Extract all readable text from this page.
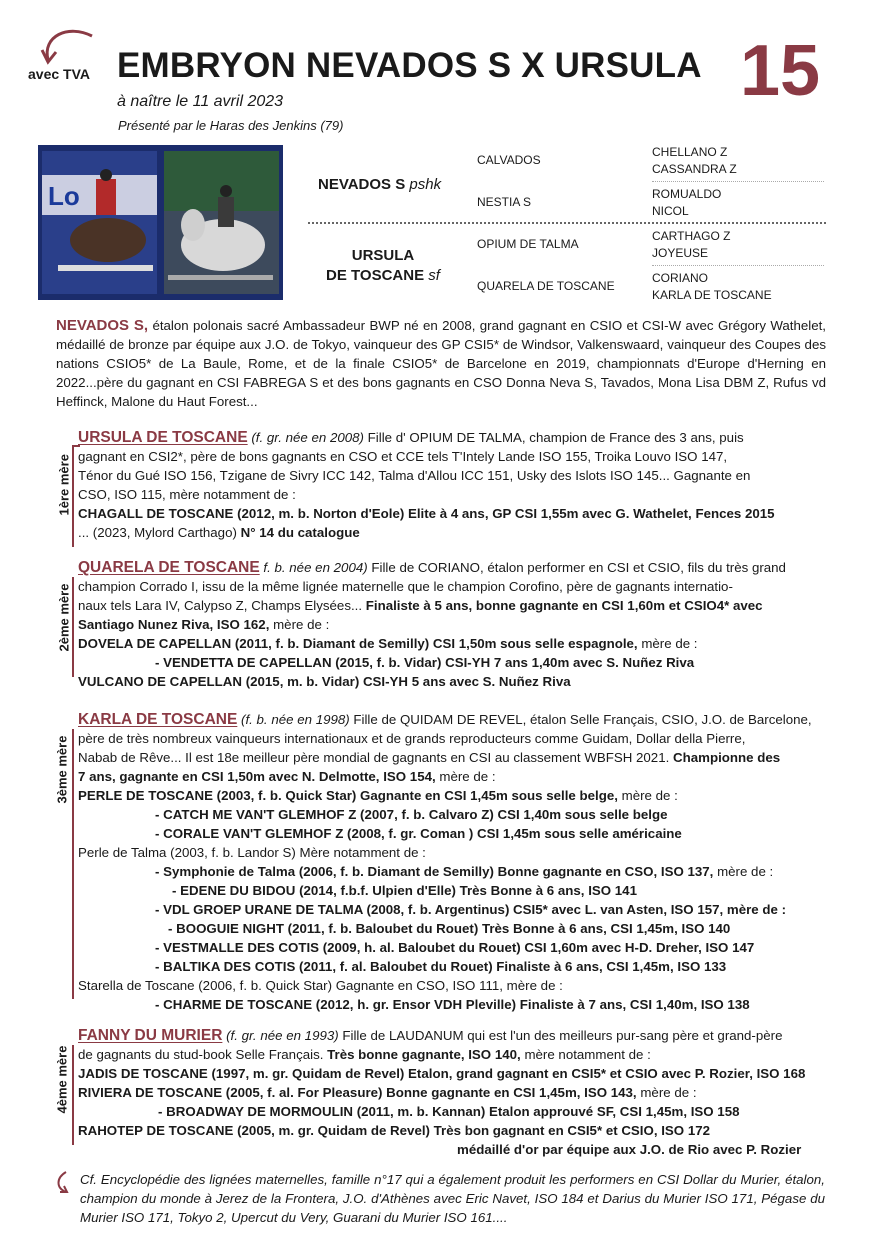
avec TVA EMBRYON NEVADOS S X URSULA 15
à naître le 11 avril 2023
Présenté par le Haras des Jenkins (79)
Lo	NEVADOS S pshk
URSULA
DE TOSCANE sf
CALVADOS
NESTIA S
OPIUM DE TALMA
QUARELA DE TOSCANE
CHELLANO Z
CASSANDRA Z
ROMUALDO
NICOL
CARTHAGO Z
JOYEUSE
CORIANO
KARLA DE TOSCANE
NEVADOS S, étalon polonais sacré Ambassadeur BWP né en 2008, grand gagnant en CSIO et CSI-W avec Grégory Wathelet, médaillé de bronze par équipe aux J.O. de Tokyo, vainqueur des GP CSI5* de Windsor, Valkenswaard, vainqueur des Coupes des nations CSIO5* de La Baule, Rome, et de la finale CSIO5* de Barcelone en 2019, championnats d'Europe d'Herning en 2022...père du gagnant en CSI FABREGA S et des bons gagnants en CSO Donna Neva S, Tavados, Mona Lisa DBM Z, Rufus vd Heffinck, Malone du Haut Forest...
1ère mère
URSULA DE TOSCANE (f. gr. née en 2008) Fille d' OPIUM DE TALMA, champion de France des 3 ans, puis
gagnant en CSI2*, père de bons gagnants en CSO et CCE tels T'Intely Lande ISO 155, Troika Louvo ISO 147,
Ténor du Gué ISO 156, Tzigane de Sivry ICC 142, Talma d'Allou ICC 151, Usky des Islots ISO 145... Gagnante en
CSO, ISO 115, mère notamment de :
CHAGALL DE TOSCANE (2012, m. b. Norton d'Eole) Elite à 4 ans, GP CSI 1,55m avec G. Wathelet, Fences 2015
... (2023, Mylord Carthago) N° 14 du catalogue
2ème mère
QUARELA DE TOSCANE f. b. née en 2004) Fille de CORIANO, étalon performer en CSI et CSIO, fils du très grand
champion Corrado I, issu de la même lignée maternelle que le champion Corofino, père de gagnants internatio-
naux tels Lara IV, Calypso Z, Champs Elysées... Finaliste à 5 ans, bonne gagnante en CSI 1,60m et CSIO4* avec
Santiago Nunez Riva, ISO 162, mère de :
DOVELA DE CAPELLAN (2011, f. b. Diamant de Semilly) CSI 1,50m sous selle espagnole, mère de :
- VENDETTA DE CAPELLAN (2015, f. b. Vidar) CSI-YH 7 ans 1,40m avec S. Nuñez Riva
VULCANO DE CAPELLAN (2015, m. b. Vidar) CSI-YH 5 ans avec S. Nuñez Riva
3ème mère
KARLA DE TOSCANE (f. b. née en 1998) Fille de QUIDAM DE REVEL, étalon Selle Français, CSIO, J.O. de Barcelone,
père de très nombreux vainqueurs internationaux et de grands reproducteurs comme Guidam, Dollar della Pierre,
Nabab de Rêve... Il est 18e meilleur père mondial de gagnants en CSI au classement WBFSH 2021. Championne des
7 ans, gagnante en CSI 1,50m avec N. Delmotte, ISO 154, mère de :
PERLE DE TOSCANE (2003, f. b. Quick Star) Gagnante en CSI 1,45m sous selle belge, mère de :
- CATCH ME VAN'T GLEMHOF Z (2007, f. b. Calvaro Z) CSI 1,40m sous selle belge
- CORALE VAN'T GLEMHOF Z (2008, f. gr. Coman ) CSI 1,45m sous selle américaine
Perle de Talma (2003, f. b. Landor S) Mère notamment de :
- Symphonie de Talma (2006, f. b. Diamant de Semilly) Bonne gagnante en CSO, ISO 137, mère de :
- EDENE DU BIDOU (2014, f.b.f. Ulpien d'Elle) Très Bonne à 6 ans, ISO 141
- VDL GROEP URANE DE TALMA (2008, f. b. Argentinus) CSI5* avec L. van Asten, ISO 157, mère de :
- BOOGUIE NIGHT (2011, f. b. Baloubet du Rouet) Très Bonne à 6 ans, CSI 1,45m, ISO 140
- VESTMALLE DES COTIS (2009, h. al. Baloubet du Rouet) CSI 1,60m avec H-D. Dreher, ISO 147
- BALTIKA DES COTIS (2011, f. al. Baloubet du Rouet) Finaliste à 6 ans, CSI 1,45m, ISO 133
Starella de Toscane (2006, f. b. Quick Star) Gagnante en CSO, ISO 111, mère de :
- CHARME DE TOSCANE (2012, h. gr. Ensor VDH Pleville) Finaliste à 7 ans, CSI 1,40m, ISO 138
4ème mère
FANNY DU MURIER (f. gr. née en 1993) Fille de LAUDANUM qui est l'un des meilleurs pur-sang père et grand-père
de gagnants du stud-book Selle Français. Très bonne gagnante, ISO 140, mère notamment de :
JADIS DE TOSCANE (1997, m. gr. Quidam de Revel) Etalon, grand gagnant en CSI5* et CSIO avec P. Rozier, ISO 168
RIVIERA DE TOSCANE (2005, f. al. For Pleasure) Bonne gagnante en CSI 1,45m, ISO 143, mère de :
- BROADWAY DE MORMOULIN (2011, m. b. Kannan) Etalon approuvé SF, CSI 1,45m, ISO 158
RAHOTEP DE TOSCANE (2005, m. gr. Quidam de Revel) Très bon gagnant en CSI5* et CSIO, ISO 172
médaillé d'or par équipe aux J.O. de Rio avec P. Rozier
Cf. Encyclopédie des lignées maternelles, famille n°17 qui a également produit les performers en CSI Dollar du Murier, étalon, champion du monde à Jerez de la Frontera, J.O. d'Athènes avec Eric Navet, ISO 184 et Darius du Murier ISO 171, Pégase du Murier ISO 171, Tokyo 2, Upercut du Very, Guarani du Murier ISO 161....
